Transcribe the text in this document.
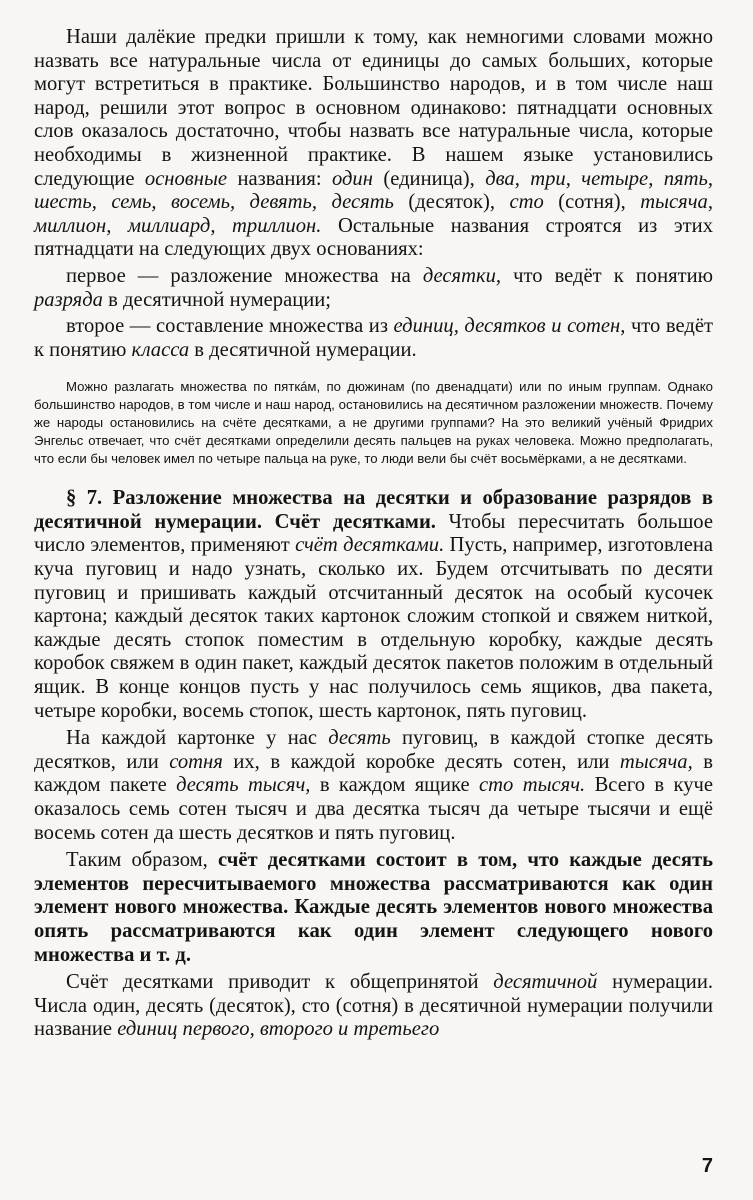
Наши далёкие предки пришли к тому, как немногими словами можно назвать все натуральные числа от единицы до самых больших, которые могут встретиться в практике. Большинство народов, и в том числе наш народ, решили этот вопрос в основном одинаково: пятнадцати основных слов оказалось достаточно, чтобы назвать все натуральные числа, которые необходимы в жизненной практике. В нашем языке установились следующие основные названия: один (единица), два, три, четыре, пять, шесть, семь, восемь, девять, десять (десяток), сто (сотня), тысяча, миллион, миллиард, триллион. Остальные названия строятся из этих пятнадцати на следующих двух основаниях:

первое — разложение множества на десятки, что ведёт к понятию разряда в десятичной нумерации;

второе — составление множества из единиц, десятков и сотен, что ведёт к понятию класса в десятичной нумерации.

Можно разлагать множества по пяткáм, по дюжинам (по двенадцати) или по иным группам. Однако большинство народов, в том числе и наш народ, остановились на десятичном разложении множеств. Почему же народы остановились на счёте десятками, а не другими группами? На это великий учёный Фридрих Энгельс отвечает, что счёт десятками определили десять пальцев на руках человека. Можно предполагать, что если бы человек имел по четыре пальца на руке, то люди вели бы счёт восьмёрками, а не десятками.

§ 7. Разложение множества на десятки и образование разрядов в десятичной нумерации. Счёт десятками. Чтобы пересчитать большое число элементов, применяют счёт десятками. Пусть, например, изготовлена куча пуговиц и надо узнать, сколько их. Будем отсчитывать по десяти пуговиц и пришивать каждый отсчитанный десяток на особый кусочек картона; каждый десяток таких картонок сложим стопкой и свяжем ниткой, каждые десять стопок поместим в отдельную коробку, каждые десять коробок свяжем в один пакет, каждый десяток пакетов положим в отдельный ящик. В конце концов пусть у нас получилось семь ящиков, два пакета, четыре коробки, восемь стопок, шесть картонок, пять пуговиц.

На каждой картонке у нас десять пуговиц, в каждой стопке десять десятков, или сотня их, в каждой коробке десять сотен, или тысяча, в каждом пакете десять тысяч, в каждом ящике сто тысяч. Всего в куче оказалось семь сотен тысяч и два десятка тысяч да четыре тысячи и ещё восемь сотен да шесть десятков и пять пуговиц.

Таким образом, счёт десятками состоит в том, что каждые десять элементов пересчитываемого множества рассматриваются как один элемент нового множества. Каждые десять элементов нового множества опять рассматриваются как один элемент следующего нового множества и т. д.

Счёт десятками приводит к общепринятой десятичной нумерации. Числа один, десять (десяток), сто (сотня) в десятичной нумерации получили название единиц первого, второго и третьего

7
